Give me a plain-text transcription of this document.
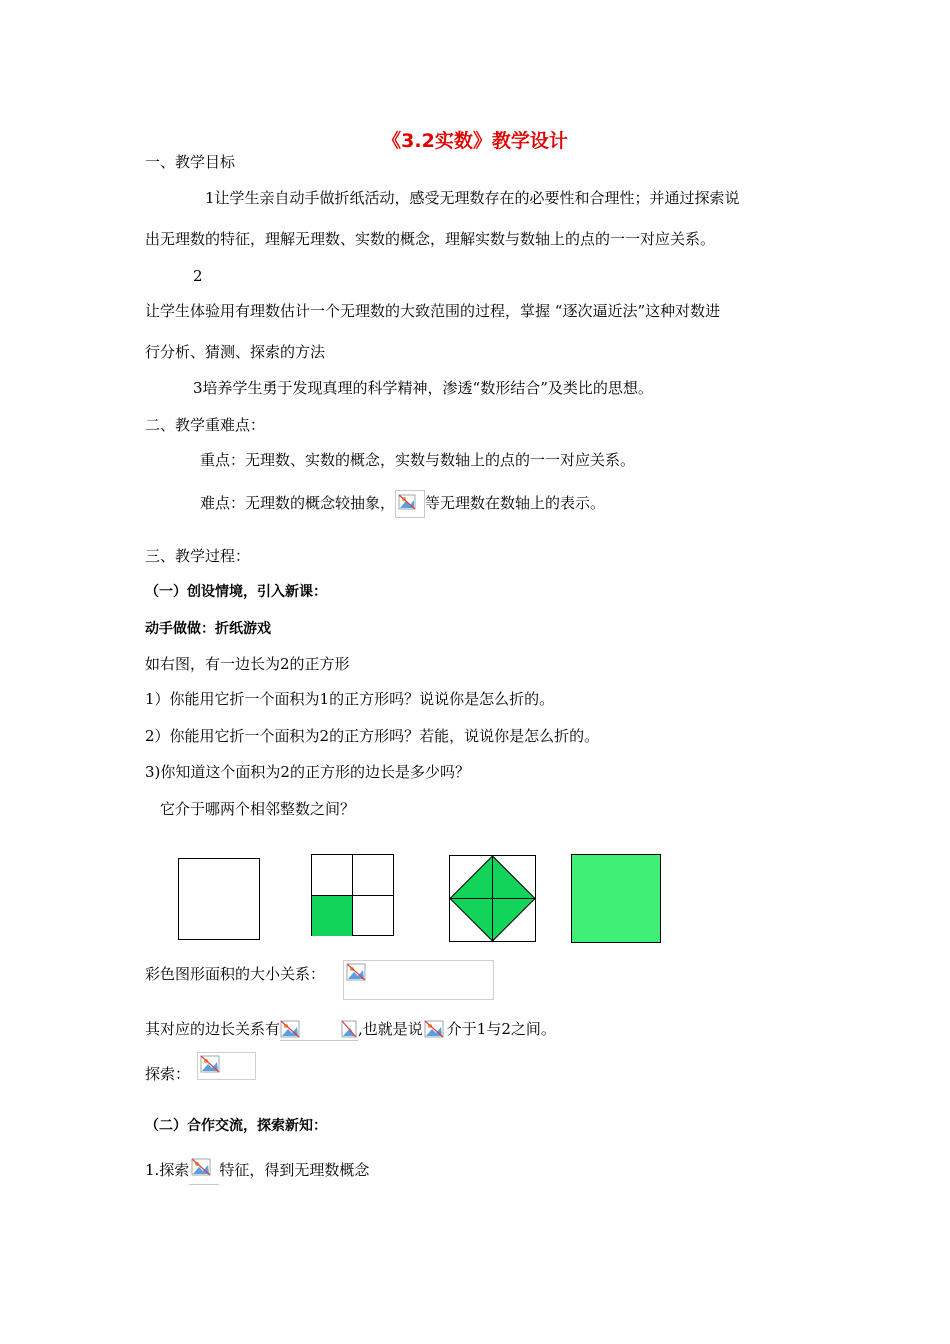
《3.2实数》教学设计
一、教学目标
1让学生亲自动手做折纸活动，感受无理数存在的必要性和合理性；并通过探索说
出无理数的特征，理解无理数、实数的概念，理解实数与数轴上的点的一一对应关系。
2
让学生体验用有理数估计一个无理数的大致范围的过程，掌握 “逐次逼近法”这种对数进
行分析、猜测、探索的方法
3培养学生勇于发现真理的科学精神，渗透“数形结合”及类比的思想。
二、教学重难点：
重点：无理数、实数的概念，实数与数轴上的点的一一对应关系。
难点：无理数的概念较抽象， 等无理数在数轴上的表示。
三、教学过程：
（一）创设情境，引入新课：
动手做做：折纸游戏
如右图，有一边长为2的正方形
1）你能用它折一个面积为1的正方形吗？说说你是怎么折的。
2）你能用它折一个面积为2的正方形吗？若能，说说你是怎么折的。
3)你知道这个面积为2的正方形的边长是多少吗？
它介于哪两个相邻整数之间？
彩色图形面积的大小关系：
其对应的边长关系有	,也就是说 介于1与2之间。
探索：
（二）合作交流，探索新知：
1.探索 特征，得到无理数概念
